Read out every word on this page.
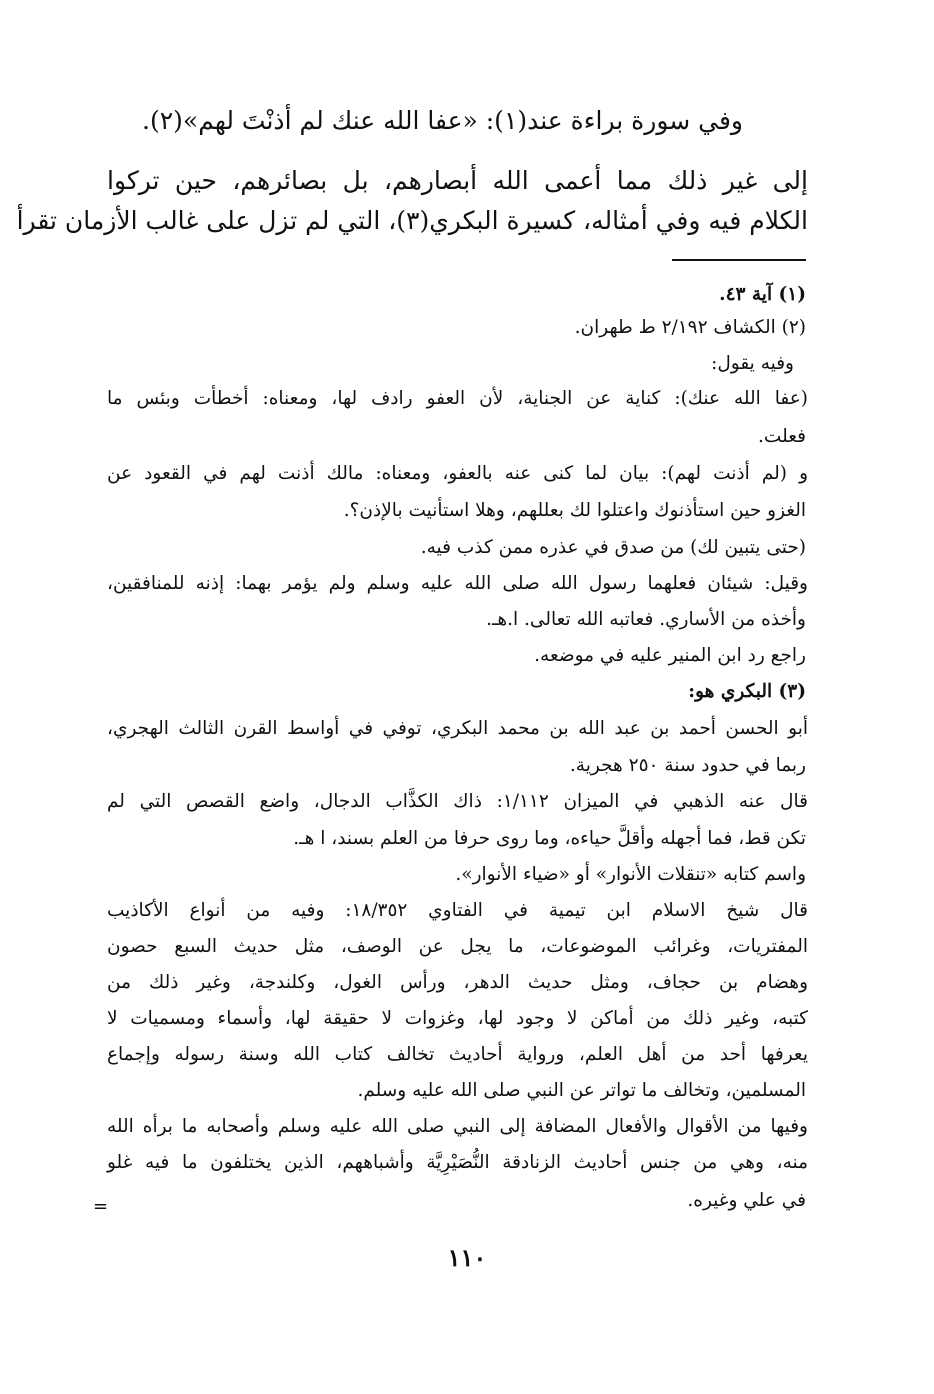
وفي سورة براءة عند(١): «عفا الله عنك لم أذنْتَ لهم»(٢).
إلى غير ذلك مما أعمى الله أبصارهم، بل بصائرهم، حين تركوا
الكلام فيه وفي أمثاله، كسيرة البكري(٣)، التي لم تزل على غالب الأزمان تقرأ
(١) آية ٤٣.
(٢) الكشاف ٢/١٩٢ ط طهران.
وفيه يقول:
(عفا الله عنك): كناية عن الجناية، لأن العفو رادف لها، ومعناه: أخطأت وبئس ما
فعلت.
و (لم أذنت لهم): بيان لما كنى عنه بالعفو، ومعناه: مالك أذنت لهم في القعود عن
الغزو حين استأذنوك واعتلوا لك بعللهم، وهلا استأنيت بالإذن؟.
(حتى يتبين لك) من صدق في عذره ممن كذب فيه.
وقيل: شيئان فعلهما رسول الله صلى الله عليه وسلم ولم يؤمر بهما: إذنه للمنافقين،
وأخذه من الأساري. فعاتبه الله تعالى. ا.هـ.
راجع رد ابن المنير عليه في موضعه.
(٣) البكري هو:
أبو الحسن أحمد بن عبد الله بن محمد البكري، توفي في أواسط القرن الثالث الهجري،
ربما في حدود سنة ٢٥٠ هجرية.
قال عنه الذهبي في الميزان ١/١١٢: ذاك الكذَّاب الدجال، واضع القصص التي لم
تكن قط، فما أجهله وأقلَّ حياءه، وما روى حرفا من العلم بسند، ا هـ.
واسم كتابه «تنقلات الأنوار» أو «ضياء الأنوار».
قال شيخ الاسلام ابن تيمية في الفتاوي ١٨/٣٥٢: وفيه من أنواع الأكاذيب
المفتريات، وغرائب الموضوعات، ما يجل عن الوصف، مثل حديث السبع حصون
وهضام بن حجاف، ومثل حديث الدهر، ورأس الغول، وكلندجة، وغير ذلك من
كتبه، وغير ذلك من أماكن لا وجود لها، وغزوات لا حقيقة لها، وأسماء ومسميات لا
يعرفها أحد من أهل العلم، ورواية أحاديث تخالف كتاب الله وسنة رسوله وإجماع
المسلمين، وتخالف ما تواتر عن النبي صلى الله عليه وسلم.
وفيها من الأقوال والأفعال المضافة إلى النبي صلى الله عليه وسلم وأصحابه ما برأه الله
منه، وهي من جنس أحاديث الزنادقة النُّصَيْرِيَّة وأشباههم، الذين يختلفون ما فيه غلو
في علي وغيره.
=
١١٠
